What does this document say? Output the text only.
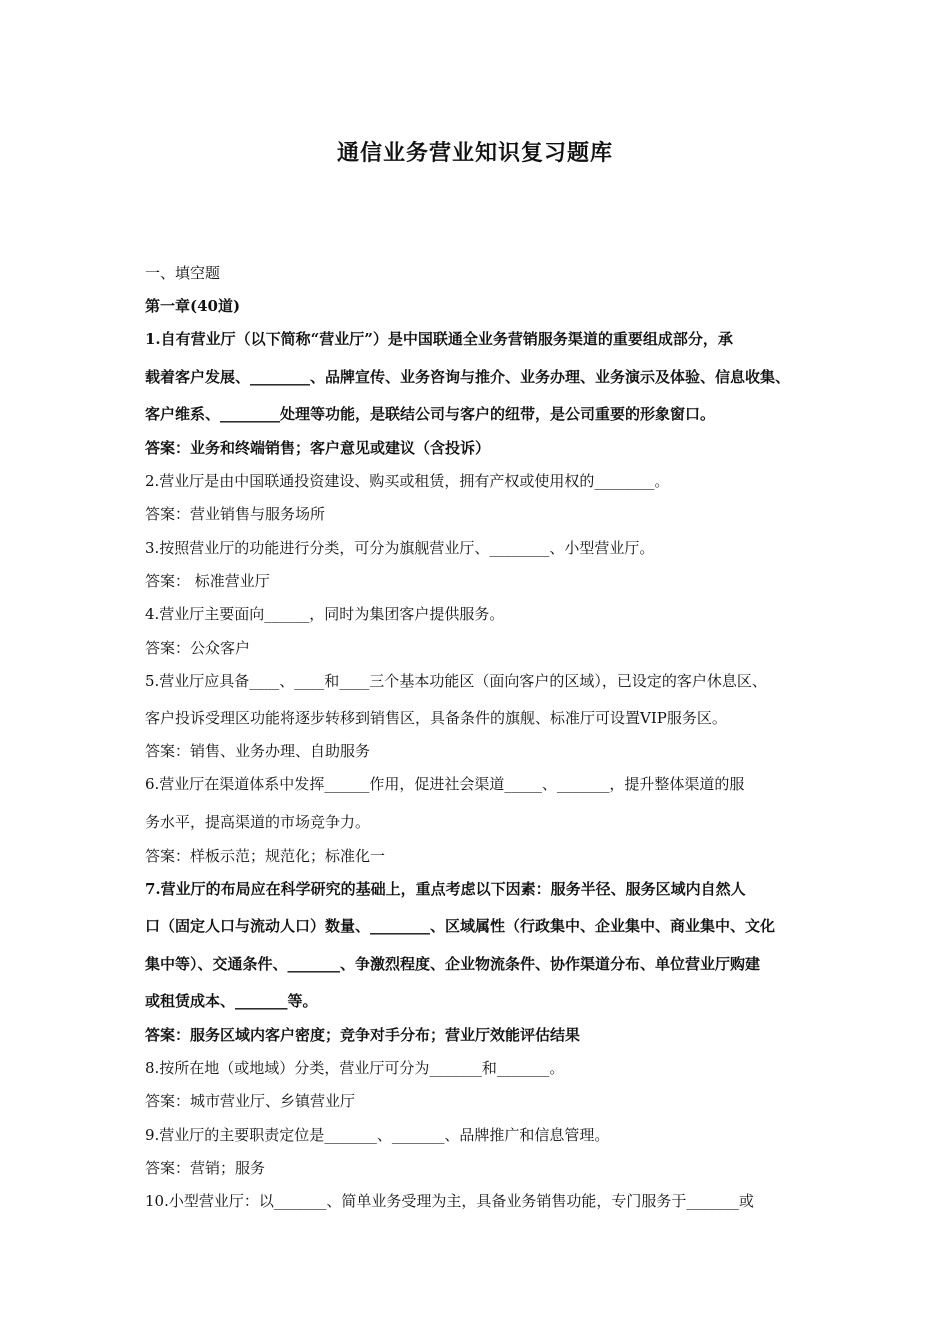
通信业务营业知识复习题库
一、填空题
第一章(40道)
1.自有营业厅（以下简称“营业厅”）是中国联通全业务营销服务渠道的重要组成部分，承
载着客户发展、________、品牌宣传、业务咨询与推介、业务办理、业务演示及体验、信息收集、
客户维系、________处理等功能，是联结公司与客户的纽带，是公司重要的形象窗口。
答案：业务和终端销售；客户意见或建议（含投诉）
2.营业厅是由中国联通投资建设、购买或租赁，拥有产权或使用权的________。
答案：营业销售与服务场所
3.按照营业厅的功能进行分类，可分为旗舰营业厅、________、小型营业厅。
答案： 标准营业厅
4.营业厅主要面向______，同时为集团客户提供服务。
答案：公众客户
5.营业厅应具备____、____和____三个基本功能区（面向客户的区域），已设定的客户休息区、
客户投诉受理区功能将逐步转移到销售区，具备条件的旗舰、标准厅可设置VIP服务区。
答案：销售、业务办理、自助服务
6.营业厅在渠道体系中发挥______作用，促进社会渠道_____、_______，提升整体渠道的服
务水平，提高渠道的市场竞争力。
答案：样板示范；规范化；标准化一
7.营业厅的布局应在科学研究的基础上，重点考虑以下因素：服务半径、服务区域内自然人
口（固定人口与流动人口）数量、________、区域属性（行政集中、企业集中、商业集中、文化
集中等）、交通条件、_______、争激烈程度、企业物流条件、协作渠道分布、单位营业厅购建
或租赁成本、_______等。
答案：服务区域内客户密度；竞争对手分布；营业厅效能评估结果
8.按所在地（或地域）分类，营业厅可分为_______和_______。
答案：城市营业厅、乡镇营业厅
9.营业厅的主要职责定位是_______、_______、品牌推广和信息管理。
答案：营销；服务
10.小型营业厅：以_______、简单业务受理为主，具备业务销售功能，专门服务于_______或
